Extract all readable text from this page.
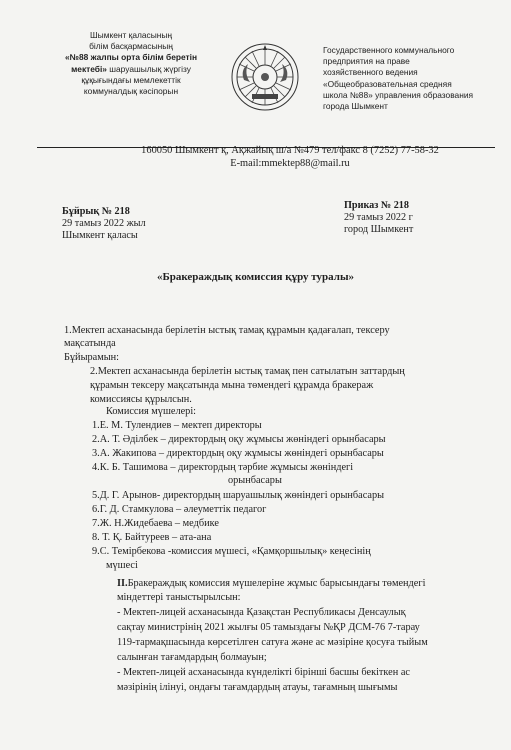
Шымкент қаласының
білім басқармасының
«№88 жалпы орта білім беретін
мектебі» шаруашылық жүргізу
құқығындағы мемлекеттік
коммуналдық кәсіпорын
Государственного коммунального
предприятия на праве
хозяйственного ведения
«Общеобразовательная средняя
школа №88» управления образования
города Шымкент
160050 Шымкент қ, Ақжайық ш/а №479 тел/факс 8 (7252) 77-58-32
E-mail:mmektep88@mail.ru
Бұйрық № 218
29 тамыз 2022 жыл
Шымкент қаласы
Приказ № 218
29 тамыз 2022 г
город Шымкент
«Бракераждық комиссия құру туралы»
1.Мектеп асханасында берілетін ыстық тамақ құрамын қадағалап, тексеру
мақсатында
Бұйырамын:
2.Мектеп асханасында берілетін ыстық тамақ пен сатылатын заттардың
құрамын тексеру мақсатында мына төмендегі құрамда бракераж
комиссиясы құрылсын.
Комиссия мүшелері:
1.Е. М. Тулендиев – мектеп директоры
2.А. Т. Әділбек – директордың оқу жұмысы жөніндегі орынбасары
3.А. Жакипова – директордың оқу жұмысы жөніндегі орынбасары
4.К. Б. Ташимова – директордың тәрбие жұмысы жөніндегі
орынбасары
5.Д. Г. Арынов- директордың шаруашылық жөніндегі орынбасары
6.Г. Д. Стамкулова – әлеуметтік педагог
7.Ж. Н.Жидебаева – медбике
8. Т. Қ. Байтуреев – ата-ана
9.С. Темірбекова -комиссия мүшесі, «Қамқоршылық» кеңесінің
мүшесі
II.Бракераждық комиссия мүшелеріне жұмыс барысындағы төмендегі
міндеттері таныстырылсын:
- Мектеп-лицей асханасында Қазақстан Республикасы Денсаулық
сақтау министрінің 2021 жылғы 05 тамыздағы №ҚР ДСМ-76 7-тарау
119-тармақшасында көрсетілген сатуға және ас мәзіріне қосуға тыйым
салынған тағамдардың болмауын;
- Мектеп-лицей асханасында күнделікті бірінші басшы бекіткен ас
мәзірінің ілінуі, ондағы тағамдардың атауы, тағамның шығымы
